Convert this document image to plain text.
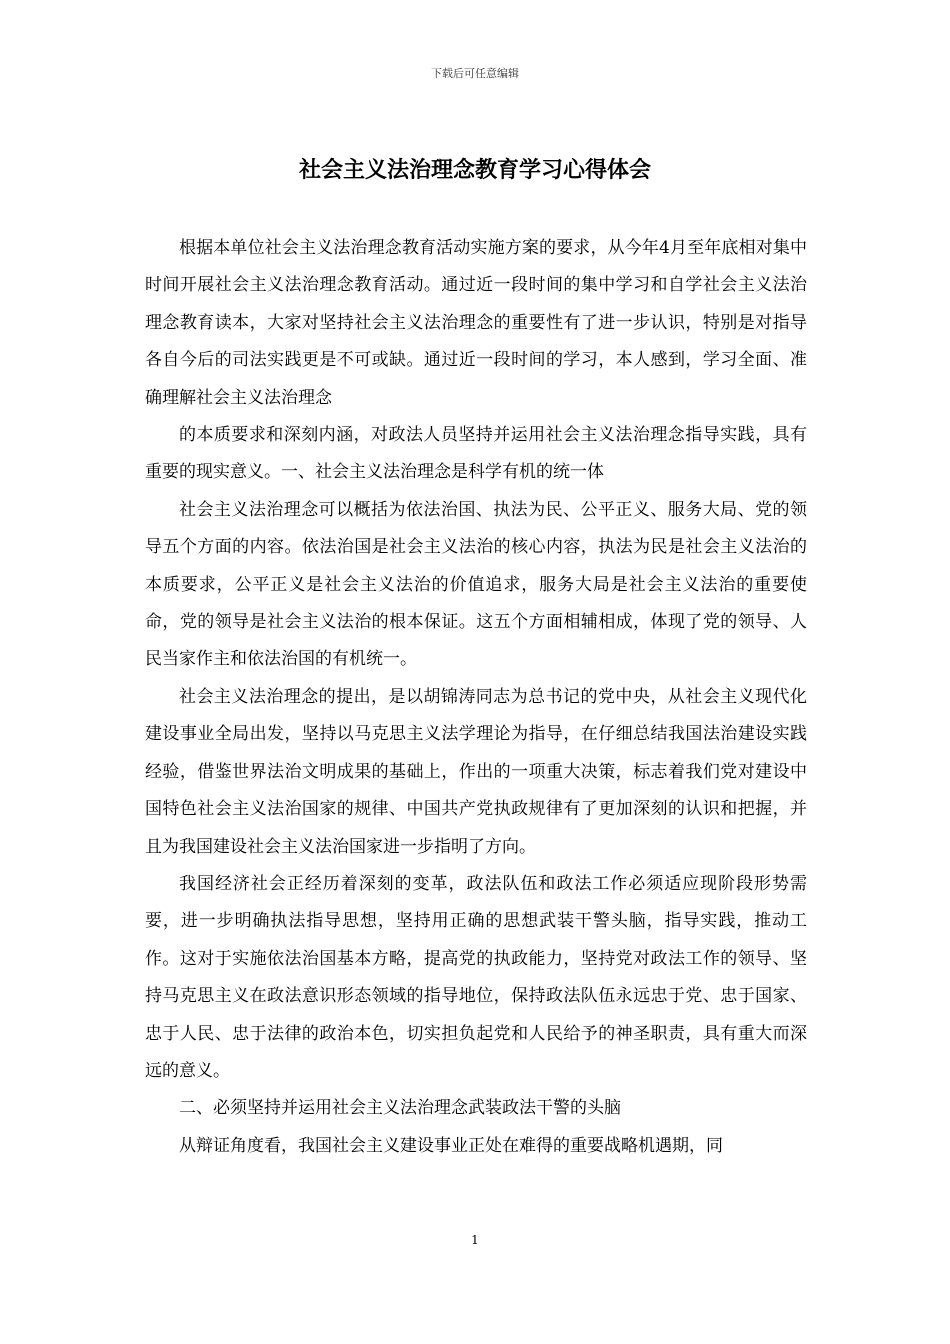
下载后可任意编辑
社会主义法治理念教育学习心得体会

根据本单位社会主义法治理念教育活动实施方案的要求，从今年4月至年底相对集中时间开展社会主义法治理念教育活动。通过近一段时间的集中学习和自学社会主义法治理念教育读本，大家对坚持社会主义法治理念的重要性有了进一步认识，特别是对指导各自今后的司法实践更是不可或缺。通过近一段时间的学习，本人感到，学习全面、准确理解社会主义法治理念

的本质要求和深刻内涵，对政法人员坚持并运用社会主义法治理念指导实践，具有重要的现实意义。一、社会主义法治理念是科学有机的统一体

社会主义法治理念可以概括为依法治国、执法为民、公平正义、服务大局、党的领导五个方面的内容。依法治国是社会主义法治的核心内容，执法为民是社会主义法治的本质要求，公平正义是社会主义法治的价值追求，服务大局是社会主义法治的重要使命，党的领导是社会主义法治的根本保证。这五个方面相辅相成，体现了党的领导、人民当家作主和依法治国的有机统一。

社会主义法治理念的提出，是以胡锦涛同志为总书记的党中央，从社会主义现代化建设事业全局出发，坚持以马克思主义法学理论为指导，在仔细总结我国法治建设实践经验，借鉴世界法治文明成果的基础上，作出的一项重大决策，标志着我们党对建设中国特色社会主义法治国家的规律、中国共产党执政规律有了更加深刻的认识和把握，并且为我国建设社会主义法治国家进一步指明了方向。

我国经济社会正经历着深刻的变革，政法队伍和政法工作必须适应现阶段形势需要，进一步明确执法指导思想，坚持用正确的思想武装干警头脑，指导实践，推动工作。这对于实施依法治国基本方略，提高党的执政能力，坚持党对政法工作的领导、坚持马克思主义在政法意识形态领域的指导地位，保持政法队伍永远忠于党、忠于国家、忠于人民、忠于法律的政治本色，切实担负起党和人民给予的神圣职责，具有重大而深远的意义。

二、必须坚持并运用社会主义法治理念武装政法干警的头脑

从辩证角度看，我国社会主义建设事业正处在难得的重要战略机遇期，同

1
